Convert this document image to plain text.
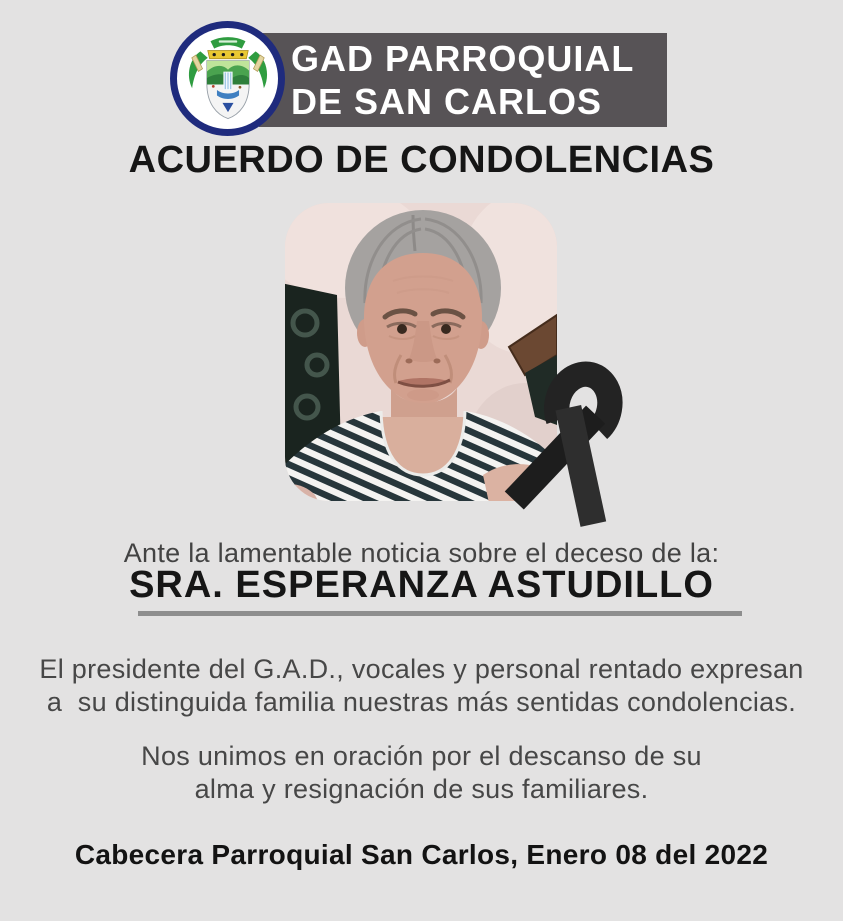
GAD PARROQUIAL
DE SAN CARLOS
ACUERDO DE CONDOLENCIAS

Ante la lamentable noticia sobre el deceso de la:

SRA. ESPERANZA ASTUDILLO
El presidente del G.A.D., vocales y personal rentado expresan
a  su distinguida familia nuestras más sentidas condolencias.
Nos unimos en oración por el descanso de su
alma y resignación de sus familiares.
Cabecera Parroquial San Carlos, Enero 08 del 2022
